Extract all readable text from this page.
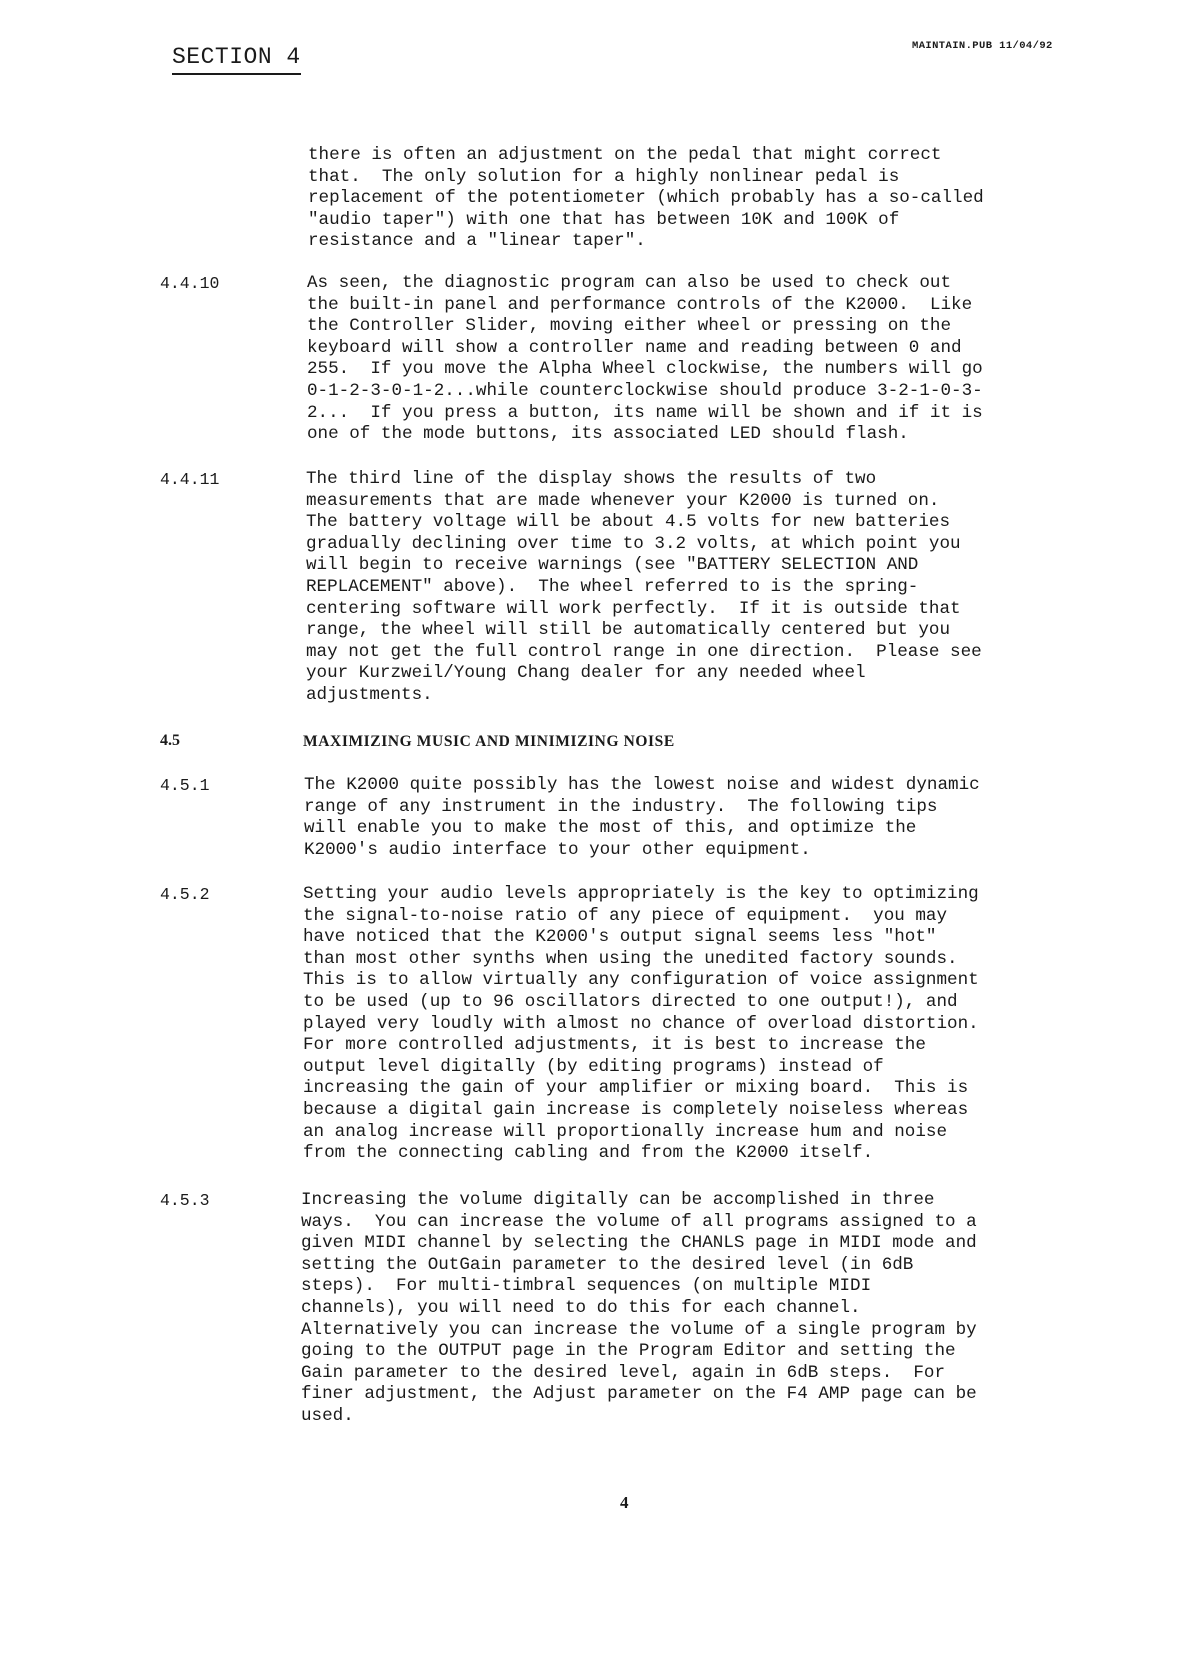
SECTION 4	MAINTAIN.PUB 11/04/92
there is often an adjustment on the pedal that might correct
that.  The only solution for a highly nonlinear pedal is
replacement of the potentiometer (which probably has a so-called
"audio taper") with one that has between 10K and 100K of
resistance and a "linear taper".
4.4.10	As seen, the diagnostic program can also be used to check out
the built-in panel and performance controls of the K2000.  Like
the Controller Slider, moving either wheel or pressing on the
keyboard will show a controller name and reading between 0 and
255.  If you move the Alpha Wheel clockwise, the numbers will go
0-1-2-3-0-1-2...while counterclockwise should produce 3-2-1-0-3-
2...  If you press a button, its name will be shown and if it is
one of the mode buttons, its associated LED should flash.
4.4.11	The third line of the display shows the results of two
measurements that are made whenever your K2000 is turned on.
The battery voltage will be about 4.5 volts for new batteries
gradually declining over time to 3.2 volts, at which point you
will begin to receive warnings (see "BATTERY SELECTION AND
REPLACEMENT" above).  The wheel referred to is the spring-
centering software will work perfectly.  If it is outside that
range, the wheel will still be automatically centered but you
may not get the full control range in one direction.  Please see
your Kurzweil/Young Chang dealer for any needed wheel
adjustments.
4.5	MAXIMIZING MUSIC AND MINIMIZING NOISE
4.5.1	The K2000 quite possibly has the lowest noise and widest dynamic
range of any instrument in the industry.  The following tips
will enable you to make the most of this, and optimize the
K2000's audio interface to your other equipment.
4.5.2	Setting your audio levels appropriately is the key to optimizing
the signal-to-noise ratio of any piece of equipment.  you may
have noticed that the K2000's output signal seems less "hot"
than most other synths when using the unedited factory sounds.
This is to allow virtually any configuration of voice assignment
to be used (up to 96 oscillators directed to one output!), and
played very loudly with almost no chance of overload distortion.
For more controlled adjustments, it is best to increase the
output level digitally (by editing programs) instead of
increasing the gain of your amplifier or mixing board.  This is
because a digital gain increase is completely noiseless whereas
an analog increase will proportionally increase hum and noise
from the connecting cabling and from the K2000 itself.
4.5.3	Increasing the volume digitally can be accomplished in three
ways.  You can increase the volume of all programs assigned to a
given MIDI channel by selecting the CHANLS page in MIDI mode and
setting the OutGain parameter to the desired level (in 6dB
steps).  For multi-timbral sequences (on multiple MIDI
channels), you will need to do this for each channel.
Alternatively you can increase the volume of a single program by
going to the OUTPUT page in the Program Editor and setting the
Gain parameter to the desired level, again in 6dB steps.  For
finer adjustment, the Adjust parameter on the F4 AMP page can be
used.
4
